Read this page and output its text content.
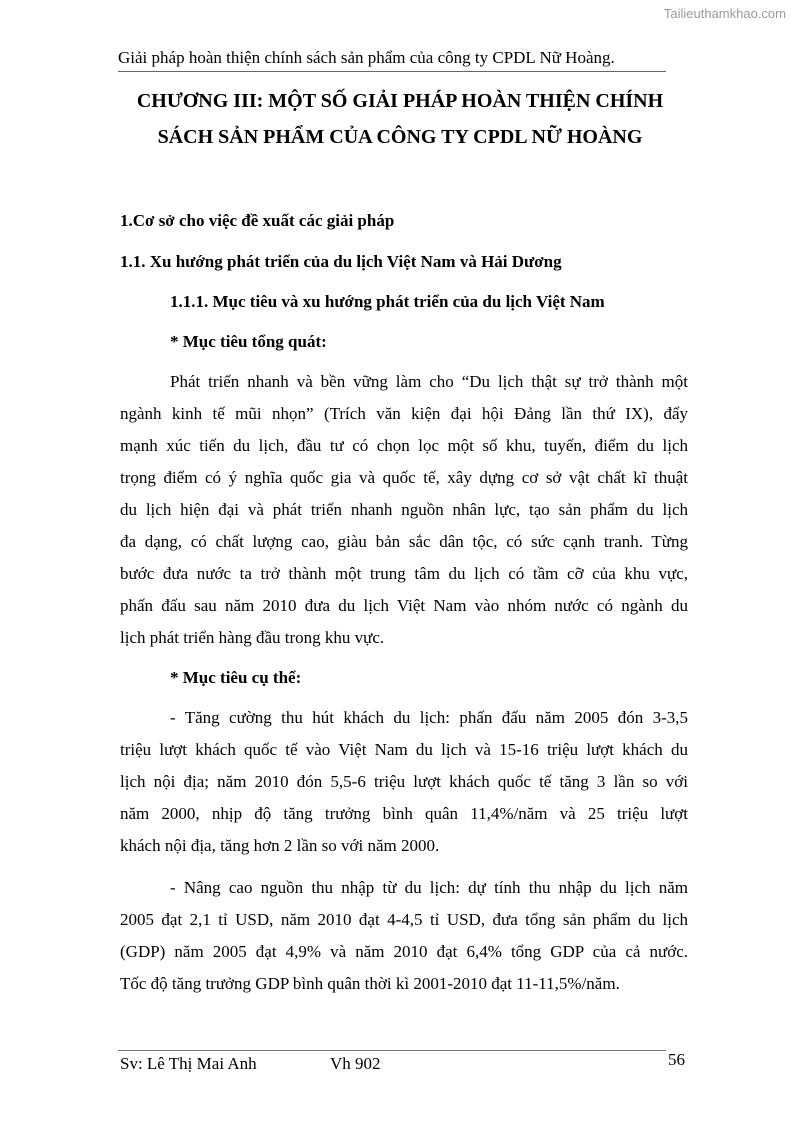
Tailieuthamkhao.com
Giải pháp hoàn thiện chính sách sản phẩm của công ty CPDL Nữ Hoàng.
CHƯƠNG III: MỘT SỐ GIẢI PHÁP HOÀN THIỆN CHÍNH
SÁCH SẢN PHẨM CỦA CÔNG TY CPDL NỮ HOÀNG
1.Cơ sở cho việc đề xuất các giải pháp
1.1. Xu hướng phát triển của du lịch Việt Nam và Hải Dương
1.1.1. Mục tiêu và xu hướng phát triển của du lịch Việt Nam
* Mục tiêu tổng quát:
Phát triển nhanh và bền vững làm cho “Du lịch thật sự trở thành một
ngành kinh tế mũi nhọn” (Trích văn kiện đại hội Đảng lần thứ IX), đẩy
mạnh xúc tiến du lịch, đầu tư có chọn lọc một số khu, tuyến, điểm du lịch
trọng điểm có ý nghĩa quốc gia và quốc tế, xây dựng cơ sở vật chất kĩ thuật
du lịch hiện đại và phát triển nhanh nguồn nhân lực, tạo sản phẩm du lịch
đa dạng, có chất lượng cao, giàu bản sắc dân tộc, có sức cạnh tranh. Từng
bước đưa nước ta trở thành một trung tâm du lịch có tầm cỡ của khu vực,
phấn đấu sau năm 2010 đưa du lịch Việt Nam vào nhóm nước có ngành du
lịch phát triển hàng đầu trong khu vực.
* Mục tiêu cụ thể:
- Tăng cường thu hút khách du lịch: phấn đấu năm 2005 đón 3-3,5
triệu lượt khách quốc tế vào Việt Nam du lịch và 15-16 triệu lượt khách du
lịch nội địa; năm 2010 đón 5,5-6 triệu lượt khách quốc tế tăng 3 lần so với
năm 2000, nhịp độ tăng trưởng bình quân 11,4%/năm và 25 triệu lượt
khách nội địa, tăng hơn 2 lần so với năm 2000.
- Nâng cao nguồn thu nhập từ du lịch: dự tính thu nhập du lịch năm
2005 đạt 2,1 tỉ USD, năm 2010 đạt 4-4,5 tỉ USD, đưa tổng sản phẩm du lịch
(GDP) năm 2005 đạt 4,9% và năm 2010 đạt 6,4% tổng GDP của cả nước.
Tốc độ tăng trưởng GDP bình quân thời kì 2001-2010 đạt 11-11,5%/năm.
Sv: Lê Thị Mai Anh	Vh 902	56
